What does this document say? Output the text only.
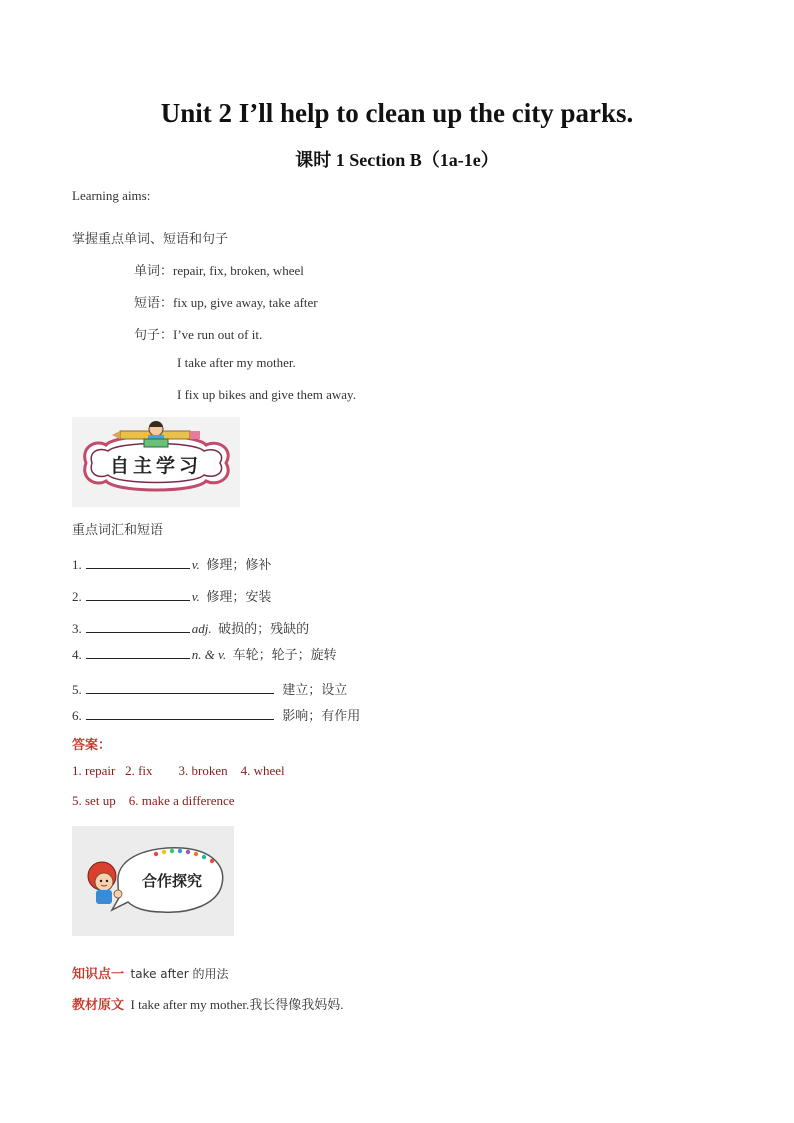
Unit 2 I’ll help to clean up the city parks.
课时 1 Section B（1a-1e）
Learning aims:
掌握重点单词、短语和句子
单词：repair, fix, broken, wheel
短语：fix up, give away, take after
句子：I’ve run out of it.
I take after my mother.
I fix up bikes and give them away.
自主学习
重点词汇和短语
1.	v. 修理；修补
2.	v. 修理；安装
3.	adj. 破损的；残缺的
4.	n. & v. 车轮；轮子；旋转
5.	建立；设立
6.	影响；有作用
答案：
1. repair 2. fix 3. broken 4. wheel
5. set up 6. make a difference
合作探究
知识点一 take after 的用法
教材原文 I take after my mother.我长得像我妈妈.
